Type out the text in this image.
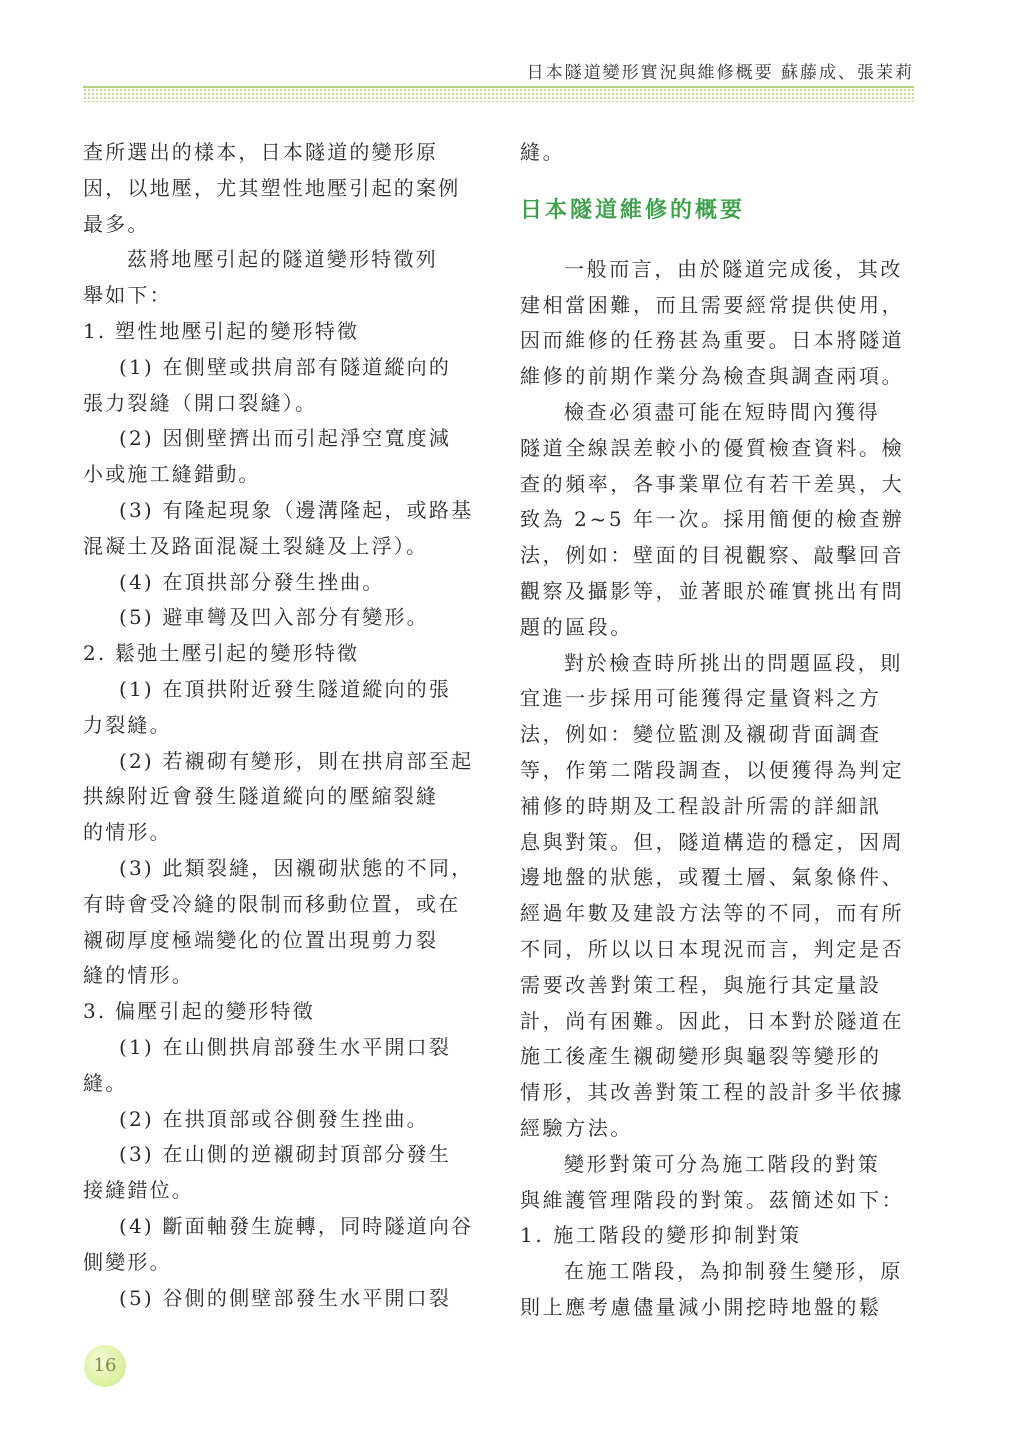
日本隧道變形實況與維修概要 蘇藤成、張茉莉
查所選出的樣本，日本隧道的變形原
因，以地壓，尤其塑性地壓引起的案例
最多。
茲將地壓引起的隧道變形特徵列
舉如下：
1. 塑性地壓引起的變形特徵
(1) 在側壁或拱肩部有隧道縱向的
張力裂縫（開口裂縫）。
(2) 因側壁擠出而引起淨空寬度減
小或施工縫錯動。
(3) 有隆起現象（邊溝隆起，或路基
混凝土及路面混凝土裂縫及上浮）。
(4) 在頂拱部分發生挫曲。
(5) 避車彎及凹入部分有變形。
2. 鬆弛土壓引起的變形特徵
(1) 在頂拱附近發生隧道縱向的張
力裂縫。
(2) 若襯砌有變形，則在拱肩部至起
拱線附近會發生隧道縱向的壓縮裂縫
的情形。
(3) 此類裂縫，因襯砌狀態的不同，
有時會受冷縫的限制而移動位置，或在
襯砌厚度極端變化的位置出現剪力裂
縫的情形。
3. 偏壓引起的變形特徵
(1) 在山側拱肩部發生水平開口裂
縫。
(2) 在拱頂部或谷側發生挫曲。
(3) 在山側的逆襯砌封頂部分發生
接縫錯位。
(4) 斷面軸發生旋轉，同時隧道向谷
側變形。
(5) 谷側的側壁部發生水平開口裂
縫。
日本隧道維修的概要
一般而言，由於隧道完成後，其改
建相當困難，而且需要經常提供使用，
因而維修的任務甚為重要。日本將隧道
維修的前期作業分為檢查與調查兩項。
檢查必須盡可能在短時間內獲得
隧道全線誤差較小的優質檢查資料。檢
查的頻率，各事業單位有若干差異，大
致為 2~5 年一次。採用簡便的檢查辦
法，例如：壁面的目視觀察、敲擊回音
觀察及攝影等，並著眼於確實挑出有問
題的區段。
對於檢查時所挑出的問題區段，則
宜進一步採用可能獲得定量資料之方
法，例如：變位監測及襯砌背面調查
等，作第二階段調查，以便獲得為判定
補修的時期及工程設計所需的詳細訊
息與對策。但，隧道構造的穩定，因周
邊地盤的狀態，或覆土層、氣象條件、
經過年數及建設方法等的不同，而有所
不同，所以以日本現況而言，判定是否
需要改善對策工程，與施行其定量設
計，尚有困難。因此，日本對於隧道在
施工後產生襯砌變形與龜裂等變形的
情形，其改善對策工程的設計多半依據
經驗方法。
變形對策可分為施工階段的對策
與維護管理階段的對策。茲簡述如下：
1. 施工階段的變形抑制對策
在施工階段，為抑制發生變形，原
則上應考慮儘量減小開挖時地盤的鬆
16
